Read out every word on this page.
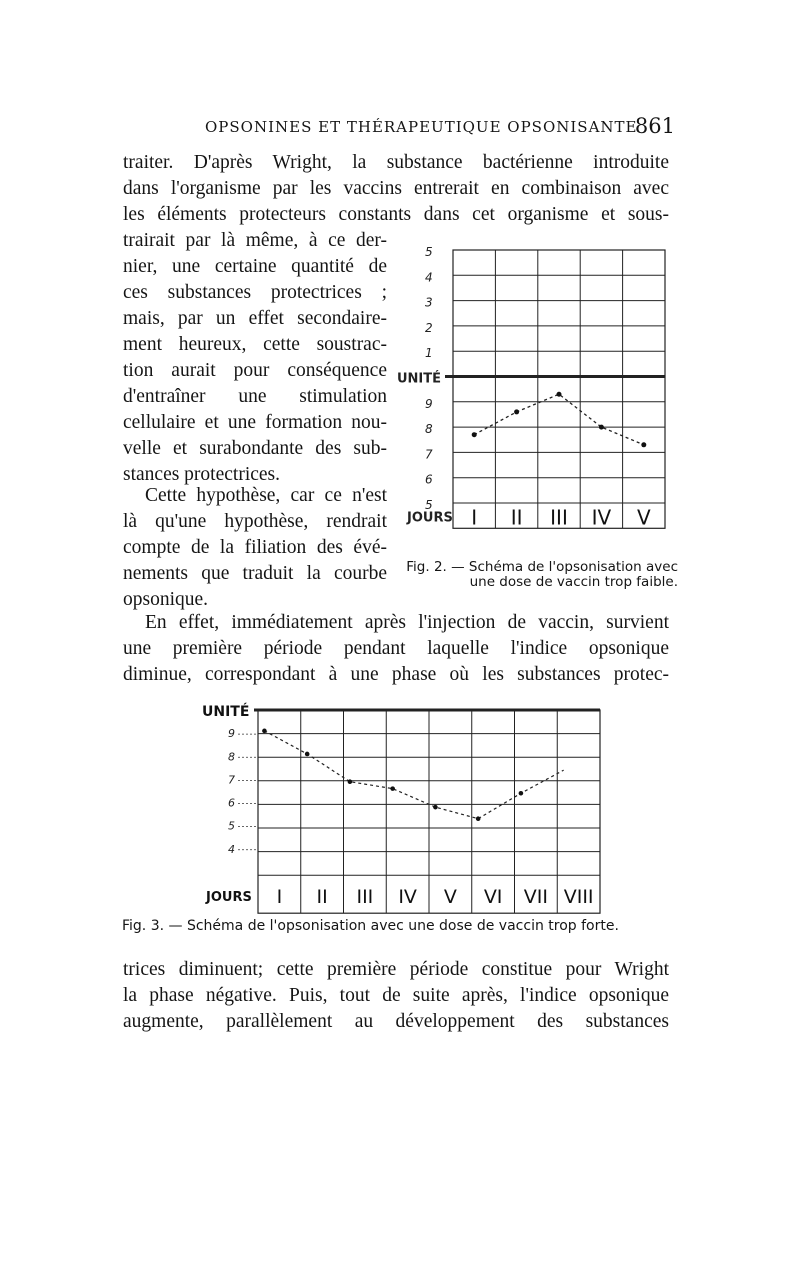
OPSONINES ET THÉRAPEUTIQUE OPSONISANTE
861
traiter. D'après Wright, la substance bactérienne introduite
dans l'organisme par les vaccins entrerait en combinaison avec
les éléments protecteurs constants dans cet organisme et sous-
trairait par là même, à ce der-
nier, une certaine quantité de
ces substances protectrices ;
mais, par un effet secondaire-
ment heureux, cette soustrac-
tion aurait pour conséquence
d'entraîner une stimulation
cellulaire et une formation nou-
velle et surabondante des sub-
stances protectrices.
Cette hypothèse, car ce n'est
là qu'une hypothèse, rendrait
compte de la filiation des évé-
nements que traduit la courbe
opsonique.
En effet, immédiatement après l'injection de vaccin, survient
une première période pendant laquelle l'indice opsonique
diminue, correspondant à une phase où les substances protec-
trices diminuent; cette première période constitue pour Wright
la phase négative. Puis, tout de suite après, l'indice opsonique
augmente, parallèlement au développement des substances
5
4
3
2
1
UNITÉ
9
8
7
6
5
JOURS I II III IV V
Fig. 2. — Schéma de l'opsonisation avec une dose de vaccin trop faible.
UNITÉ
9
8
7
6
5
4
JOURS I II III IV V VI VII VIII
Fig. 3. — Schéma de l'opsonisation avec une dose de vaccin trop forte.
